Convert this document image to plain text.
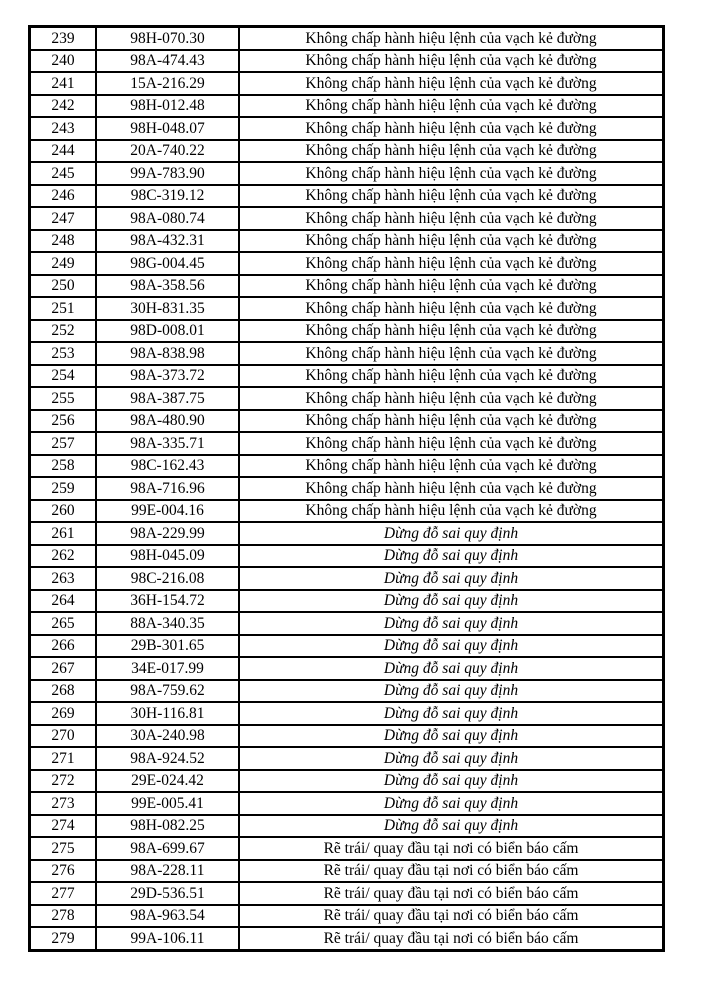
239	98H-070.30	Không chấp hành hiệu lệnh của vạch kẻ đường
240	98A-474.43	Không chấp hành hiệu lệnh của vạch kẻ đường
241	15A-216.29	Không chấp hành hiệu lệnh của vạch kẻ đường
242	98H-012.48	Không chấp hành hiệu lệnh của vạch kẻ đường
243	98H-048.07	Không chấp hành hiệu lệnh của vạch kẻ đường
244	20A-740.22	Không chấp hành hiệu lệnh của vạch kẻ đường
245	99A-783.90	Không chấp hành hiệu lệnh của vạch kẻ đường
246	98C-319.12	Không chấp hành hiệu lệnh của vạch kẻ đường
247	98A-080.74	Không chấp hành hiệu lệnh của vạch kẻ đường
248	98A-432.31	Không chấp hành hiệu lệnh của vạch kẻ đường
249	98G-004.45	Không chấp hành hiệu lệnh của vạch kẻ đường
250	98A-358.56	Không chấp hành hiệu lệnh của vạch kẻ đường
251	30H-831.35	Không chấp hành hiệu lệnh của vạch kẻ đường
252	98D-008.01	Không chấp hành hiệu lệnh của vạch kẻ đường
253	98A-838.98	Không chấp hành hiệu lệnh của vạch kẻ đường
254	98A-373.72	Không chấp hành hiệu lệnh của vạch kẻ đường
255	98A-387.75	Không chấp hành hiệu lệnh của vạch kẻ đường
256	98A-480.90	Không chấp hành hiệu lệnh của vạch kẻ đường
257	98A-335.71	Không chấp hành hiệu lệnh của vạch kẻ đường
258	98C-162.43	Không chấp hành hiệu lệnh của vạch kẻ đường
259	98A-716.96	Không chấp hành hiệu lệnh của vạch kẻ đường
260	99E-004.16	Không chấp hành hiệu lệnh của vạch kẻ đường
261	98A-229.99	Dừng đỗ sai quy định
262	98H-045.09	Dừng đỗ sai quy định
263	98C-216.08	Dừng đỗ sai quy định
264	36H-154.72	Dừng đỗ sai quy định
265	88A-340.35	Dừng đỗ sai quy định
266	29B-301.65	Dừng đỗ sai quy định
267	34E-017.99	Dừng đỗ sai quy định
268	98A-759.62	Dừng đỗ sai quy định
269	30H-116.81	Dừng đỗ sai quy định
270	30A-240.98	Dừng đỗ sai quy định
271	98A-924.52	Dừng đỗ sai quy định
272	29E-024.42	Dừng đỗ sai quy định
273	99E-005.41	Dừng đỗ sai quy định
274	98H-082.25	Dừng đỗ sai quy định
275	98A-699.67	Rẽ trái/ quay đầu tại nơi có biển báo cấm
276	98A-228.11	Rẽ trái/ quay đầu tại nơi có biển báo cấm
277	29D-536.51	Rẽ trái/ quay đầu tại nơi có biển báo cấm
278	98A-963.54	Rẽ trái/ quay đầu tại nơi có biển báo cấm
279	99A-106.11	Rẽ trái/ quay đầu tại nơi có biển báo cấm
